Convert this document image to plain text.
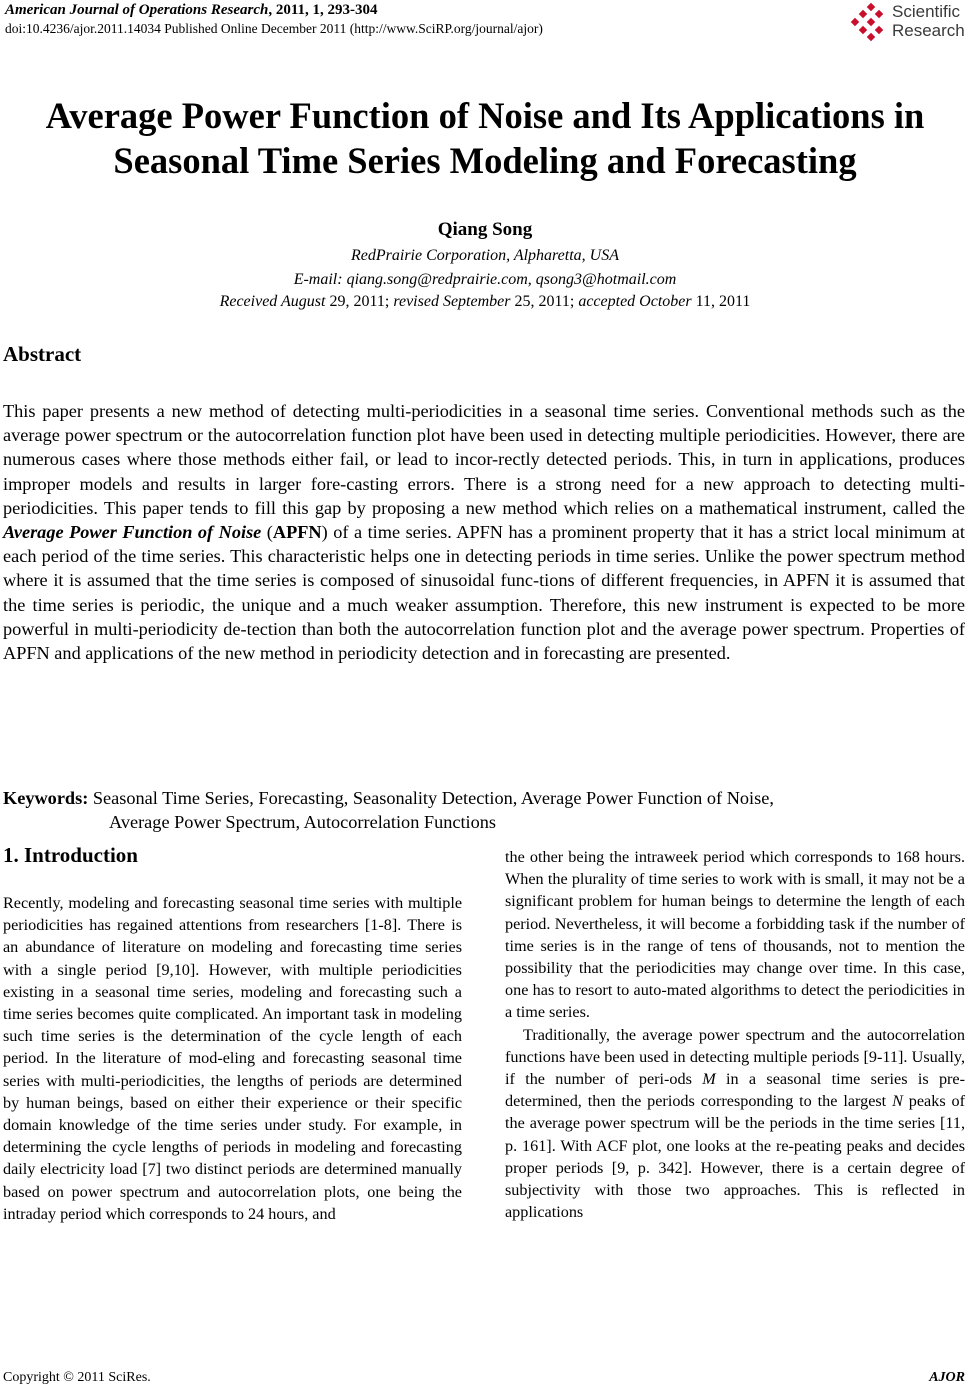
American Journal of Operations Research, 2011, 1, 293-304
doi:10.4236/ajor.2011.14034 Published Online December 2011 (http://www.SciRP.org/journal/ajor)
Scientific
Research
Average Power Function of Noise and Its Applications in
Seasonal Time Series Modeling and Forecasting
Qiang Song
RedPrairie Corporation, Alpharetta, USA
E-mail: qiang.song@redprairie.com, qsong3@hotmail.com
Received August 29, 2011; revised September 25, 2011; accepted October 11, 2011
Abstract
This paper presents a new method of detecting multi-periodicities in a seasonal time series. Conventional methods such as the average power spectrum or the autocorrelation function plot have been used in detecting multiple periodicities. However, there are numerous cases where those methods either fail, or lead to incor-rectly detected periods. This, in turn in applications, produces improper models and results in larger fore-casting errors. There is a strong need for a new approach to detecting multi-periodicities. This paper tends to fill this gap by proposing a new method which relies on a mathematical instrument, called the Average Power Function of Noise (APFN) of a time series. APFN has a prominent property that it has a strict local minimum at each period of the time series. This characteristic helps one in detecting periods in time series. Unlike the power spectrum method where it is assumed that the time series is composed of sinusoidal func-tions of different frequencies, in APFN it is assumed that the time series is periodic, the unique and a much weaker assumption. Therefore, this new instrument is expected to be more powerful in multi-periodicity de-tection than both the autocorrelation function plot and the average power spectrum. Properties of APFN and applications of the new method in periodicity detection and in forecasting are presented.
Keywords: Seasonal Time Series, Forecasting, Seasonality Detection, Average Power Function of Noise,
Average Power Spectrum, Autocorrelation Functions
1. Introduction

Recently, modeling and forecasting seasonal time series with multiple periodicities has regained attentions from researchers [1-8]. There is an abundance of literature on modeling and forecasting time series with a single period [9,10]. However, with multiple periodicities existing in a seasonal time series, modeling and forecasting such a time series becomes quite complicated. An important task in modeling such time series is the determination of the cycle length of each period. In the literature of mod-eling and forecasting seasonal time series with multi-periodicities, the lengths of periods are determined by human beings, based on either their experience or their specific domain knowledge of the time series under study. For example, in determining the cycle lengths of periods in modeling and forecasting daily electricity load [7] two distinct periods are determined manually based on power spectrum and autocorrelation plots, one being the intraday period which corresponds to 24 hours, and

the other being the intraweek period which corresponds to 168 hours. When the plurality of time series to work with is small, it may not be a significant problem for human beings to determine the length of each period. Nevertheless, it will become a forbidding task if the number of time series is in the range of tens of thousands, not to mention the possibility that the periodicities may change over time. In this case, one has to resort to auto-mated algorithms to detect the periodicities in a time series.

Traditionally, the average power spectrum and the autocorrelation functions have been used in detecting multiple periods [9-11]. Usually, if the number of peri-ods M in a seasonal time series is pre-determined, then the periods corresponding to the largest N peaks of the average power spectrum will be the periods in the time series [11, p. 161]. With ACF plot, one looks at the re-peating peaks and decides proper periods [9, p. 342]. However, there is a certain degree of subjectivity with those two approaches. This is reflected in applications

Copyright © 2011 SciRes.	AJOR
